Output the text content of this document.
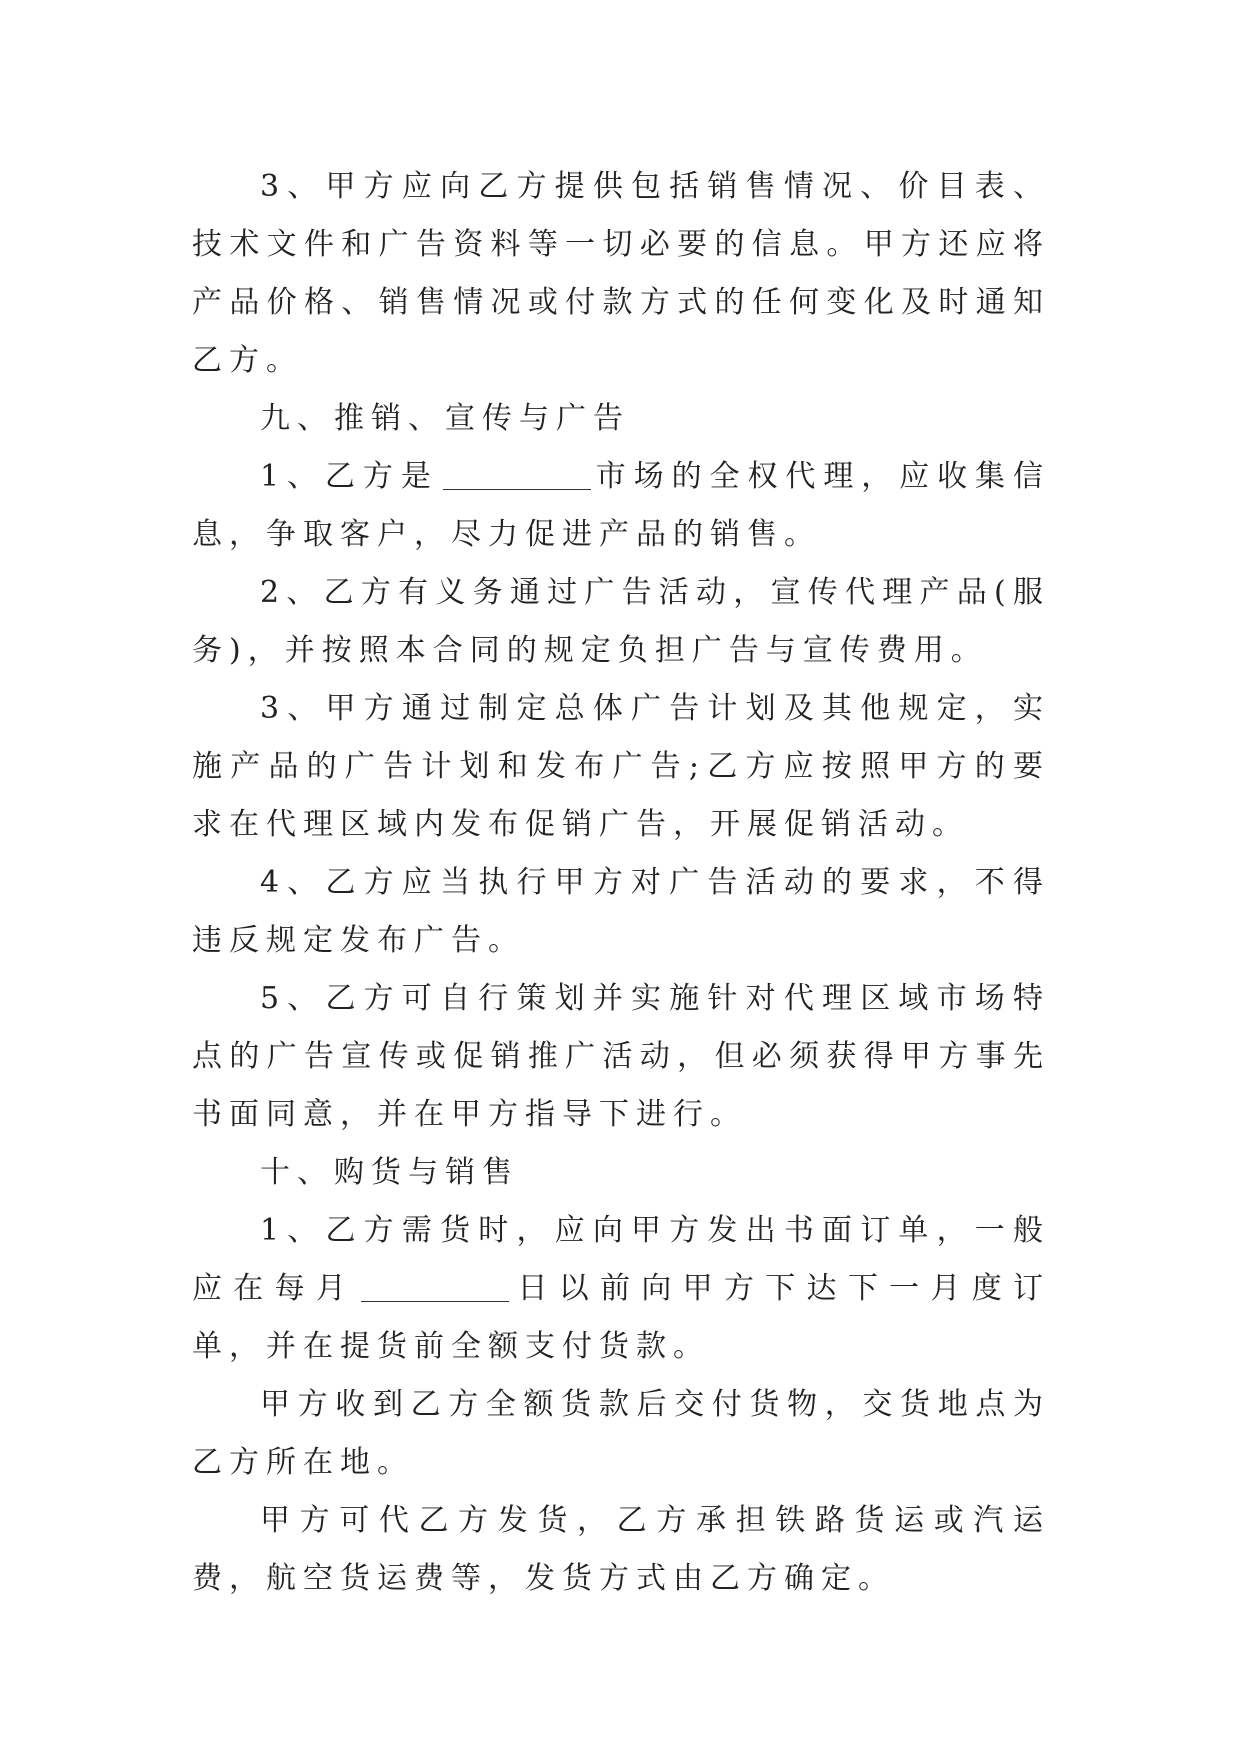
3、甲方应向乙方提供包括销售情况、价目表、技术文件和广告资料等一切必要的信息。甲方还应将产品价格、销售情况或付款方式的任何变化及时通知乙方。

九、推销、宣传与广告

1、乙方是	市场的全权代理，应收集信息，争取客户，尽力促进产品的销售。

2、乙方有义务通过广告活动，宣传代理产品(服务)，并按照本合同的规定负担广告与宣传费用。

3、甲方通过制定总体广告计划及其他规定，实施产品的广告计划和发布广告;乙方应按照甲方的要求在代理区域内发布促销广告，开展促销活动。

4、乙方应当执行甲方对广告活动的要求，不得违反规定发布广告。

5、乙方可自行策划并实施针对代理区域市场特点的广告宣传或促销推广活动，但必须获得甲方事先书面同意，并在甲方指导下进行。

十、购货与销售

1、乙方需货时，应向甲方发出书面订单，一般应在每月	日以前向甲方下达下一月度订单，并在提货前全额支付货款。

甲方收到乙方全额货款后交付货物，交货地点为乙方所在地。

甲方可代乙方发货，乙方承担铁路货运或汽运费，航空货运费等，发货方式由乙方确定。
